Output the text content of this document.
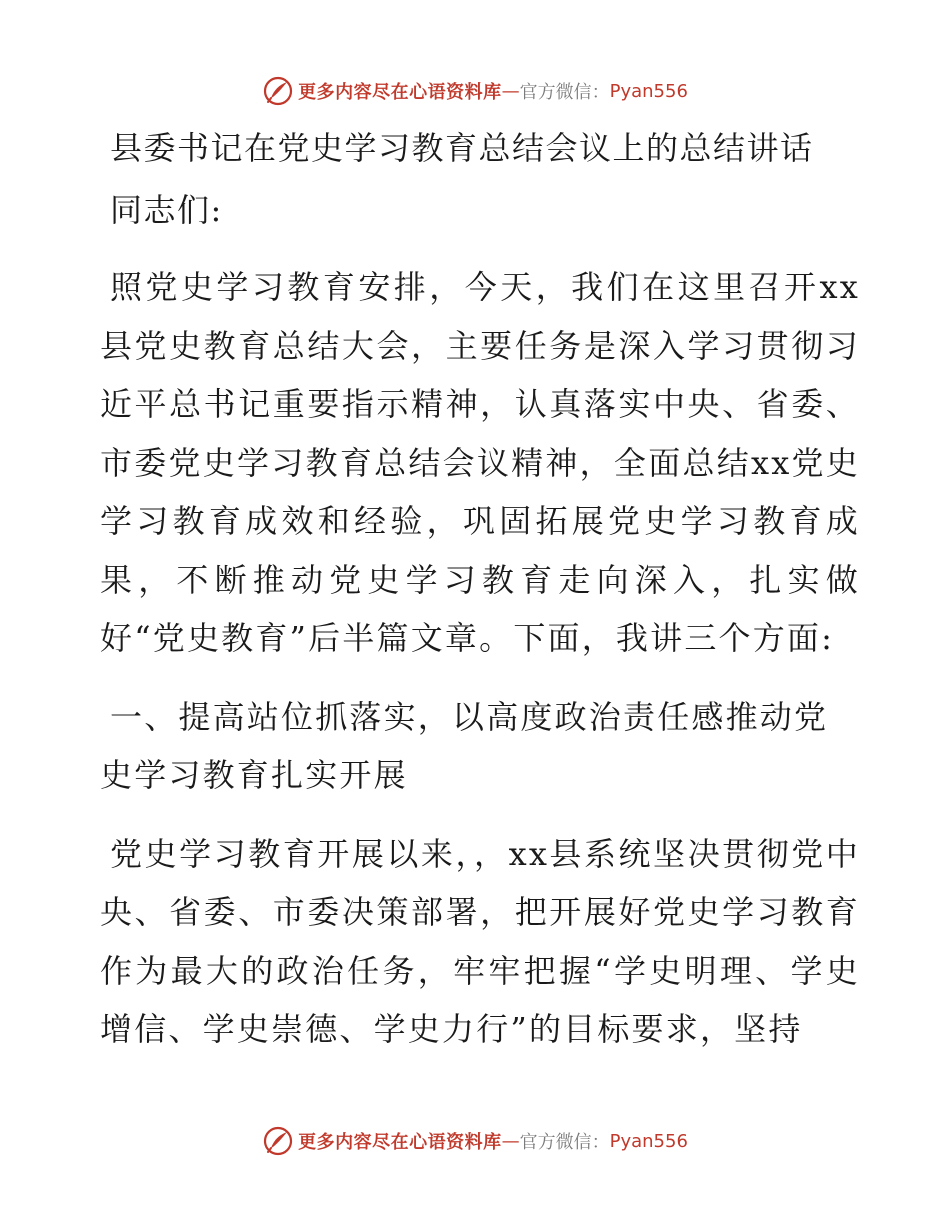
更多内容尽在心语资料库 — 官方微信： Pyan556
县委书记在党史学习教育总结会议上的总结讲话

同志们:

照党史学习教育安排，今天，我们在这里召开xx县党史教育总结大会，主要任务是深入学习贯彻习近平总书记重要指示精神，认真落实中央、省委、市委党史学习教育总结会议精神，全面总结xx党史学习教育成效和经验，巩固拓展党史学习教育成果，不断推动党史学习教育走向深入，扎实做好“党史教育”后半篇文章。下面，我讲三个方面:

一、提高站位抓落实，以高度政治责任感推动党史学习教育扎实开展

党史学习教育开展以来，，xx县系统坚决贯彻党中央、省委、市委决策部署，把开展好党史学习教育作为最大的政治任务，牢牢把握“学史明理、学史增信、学史崇德、学史力行”的目标要求，坚持

更多内容尽在心语资料库 — 官方微信： Pyan556
